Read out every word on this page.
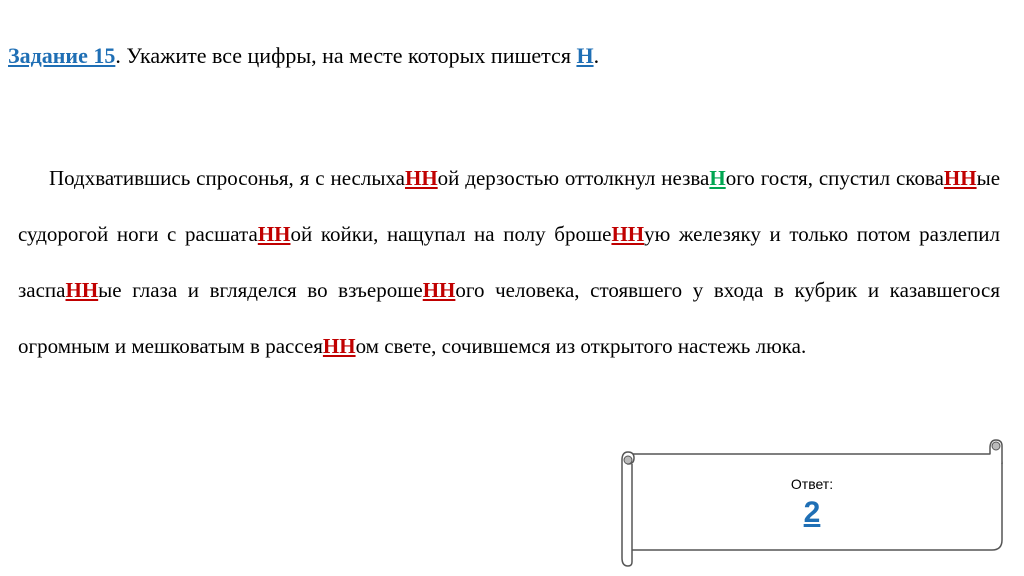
Задание 15. Укажите все цифры, на месте которых пишется Н.

Подхватившись спросонья, я с неслыхаННой дерзостью оттолкнул незваНого гостя, спустил сковаННые судорогой ноги с расшатаННой койки, нащупал на полу брошеННую железяку и только потом разлепил заспаННые глаза и вгляделся во взъерошеННого человека, стоявшего у входа в кубрик и казавшегося огромным и мешковатым в рассеяННом свете, сочившемся из открытого настежь люка.

Ответ:
2
